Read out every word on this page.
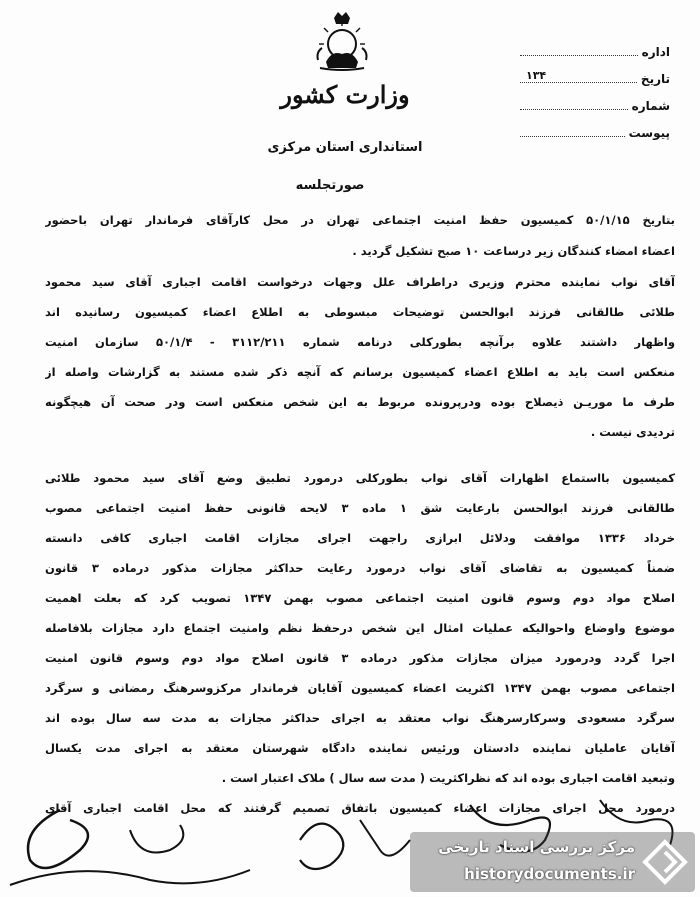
وزارت کشور
استانداری استان مرکزی
اداره
تاریخ
۱۳۴
شماره
پیوست
صورتجلسه
بتاریخ ۵۰/۱/۱۵ کمیسیون حفظ امنیت اجتماعی تهران در محل کارآقای فرماندار تهران باحضور
اعضاء امضاء کنندگان زیر درساعت ۱۰ صبح تشکیل گردید .
آقای نواب نماینده محترم وزیری دراطراف علل وجهات درخواست اقامت اجباری آقای سید محمود
طلائی طالقانی فرزند ابوالحسن توضیحات مبسوطی به اطلاع اعضاء کمیسیون رسانیده اند
واظهار داشتند علاوه برآنچه بطورکلی درنامه شماره ۳۱۱۲/۲۱۱ - ۵۰/۱/۴ سازمان امنیت
منعکس است باید به اطلاع اعضاء کمیسیون برسانم که آنچه ذکر شده مستند به گزارشات واصله از
طرف ما موریـن ذیصلاح بوده ودرپرونده مربوط به این شخص منعکس است ودر صحت آن هیچگونه
تردیدی نیست .
کمیسیون بااستماع اظهارات آقای نواب بطورکلی درمورد تطبیق وضع آقای سید محمود طلائی
طالقانی فرزند ابوالحسن بارعایت شق ۱ ماده ۳ لایحه قانونی حفظ امنیت اجتماعی مصوب
خرداد ۱۳۳۶ موافقت ودلائل ابرازی راجهت اجرای مجازات اقامت اجباری کافی دانسته
ضمناً کمیسیون به تقاضای آقای نواب درمورد رعایت حداکثر مجازات مذکور درماده ۳ قانون
اصلاح مواد دوم وسوم قانون امنیت اجتماعی مصوب بهمن ۱۳۴۷ تصویب کرد که بعلت اهمیت
موضوع واوضاع واحوالیکه عملیات امثال این شخص درحفظ نظم وامنیت اجتماع دارد مجازات بلافاصله
اجرا گردد ودرمورد میزان مجازات مذکور درماده ۳ قانون اصلاح مواد دوم وسوم قانون امنیت
اجتماعی مصوب بهمن ۱۳۴۷ اکثریت اعضاء کمیسیون آقایان فرماندار مرکزوسرهنگ رمضانی و سرگرد
سرگرد مسعودی وسرکارسرهنگ نواب معتقد به اجرای حداکثر مجازات به مدت سه سال بوده اند
آقایان عاملیان نماینده دادستان ورئیس نماینده دادگاه شهرستان معتقد به اجرای مدت یکسال
وتبعید اقامت اجباری بوده اند که نظراکثریت ( مدت سه سال ) ملاک اعتبار است .
درمورد محل اجرای مجازات اعضاء کمیسیون باتفاق تصمیم گرفتند که محل اقامت اجباری آقای
مرکز بررسی اسناد تاریخی
historydocuments.ir
